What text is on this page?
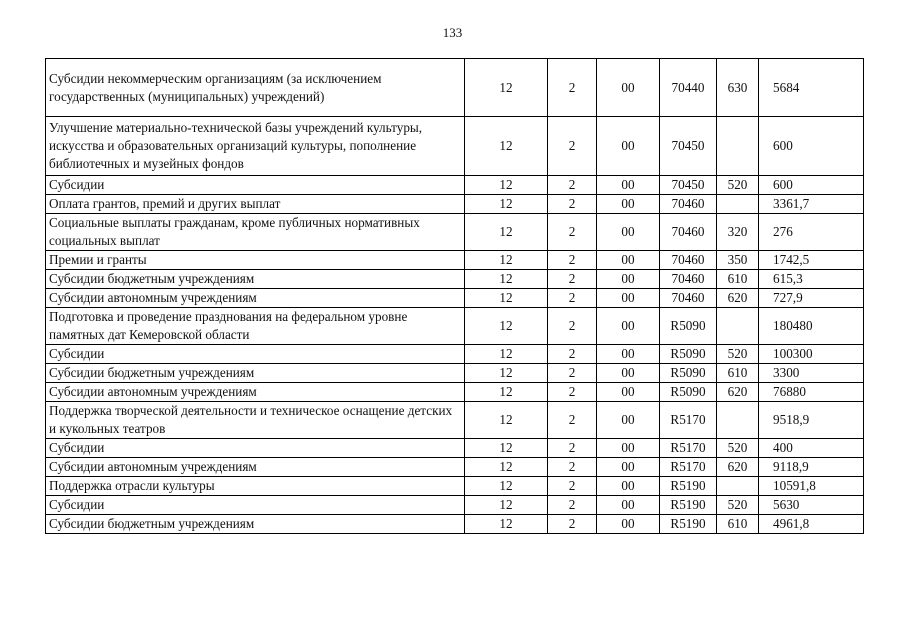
133
Субсидии некоммерческим организациям (за исключением государственных (муниципальных) учреждений)	12	2	00	70440	630	5684
Улучшение материально-технической базы учреждений культуры, искусства и образовательных организаций культуры, пополнение библиотечных и музейных фондов	12	2	00	70450		600
Субсидии	12	2	00	70450	520	600
Оплата грантов, премий и других выплат	12	2	00	70460		3361,7
Социальные выплаты гражданам, кроме публичных нормативных социальных выплат	12	2	00	70460	320	276
Премии и гранты	12	2	00	70460	350	1742,5
Субсидии бюджетным учреждениям	12	2	00	70460	610	615,3
Субсидии автономным учреждениям	12	2	00	70460	620	727,9
Подготовка и проведение празднования на федеральном уровне памятных дат Кемеровской области	12	2	00	R5090		180480
Субсидии	12	2	00	R5090	520	100300
Субсидии бюджетным учреждениям	12	2	00	R5090	610	3300
Субсидии автономным учреждениям	12	2	00	R5090	620	76880
Поддержка творческой деятельности и техническое оснащение детских и кукольных театров	12	2	00	R5170		9518,9
Субсидии	12	2	00	R5170	520	400
Субсидии автономным учреждениям	12	2	00	R5170	620	9118,9
Поддержка отрасли культуры	12	2	00	R5190		10591,8
Субсидии	12	2	00	R5190	520	5630
Субсидии бюджетным учреждениям	12	2	00	R5190	610	4961,8
